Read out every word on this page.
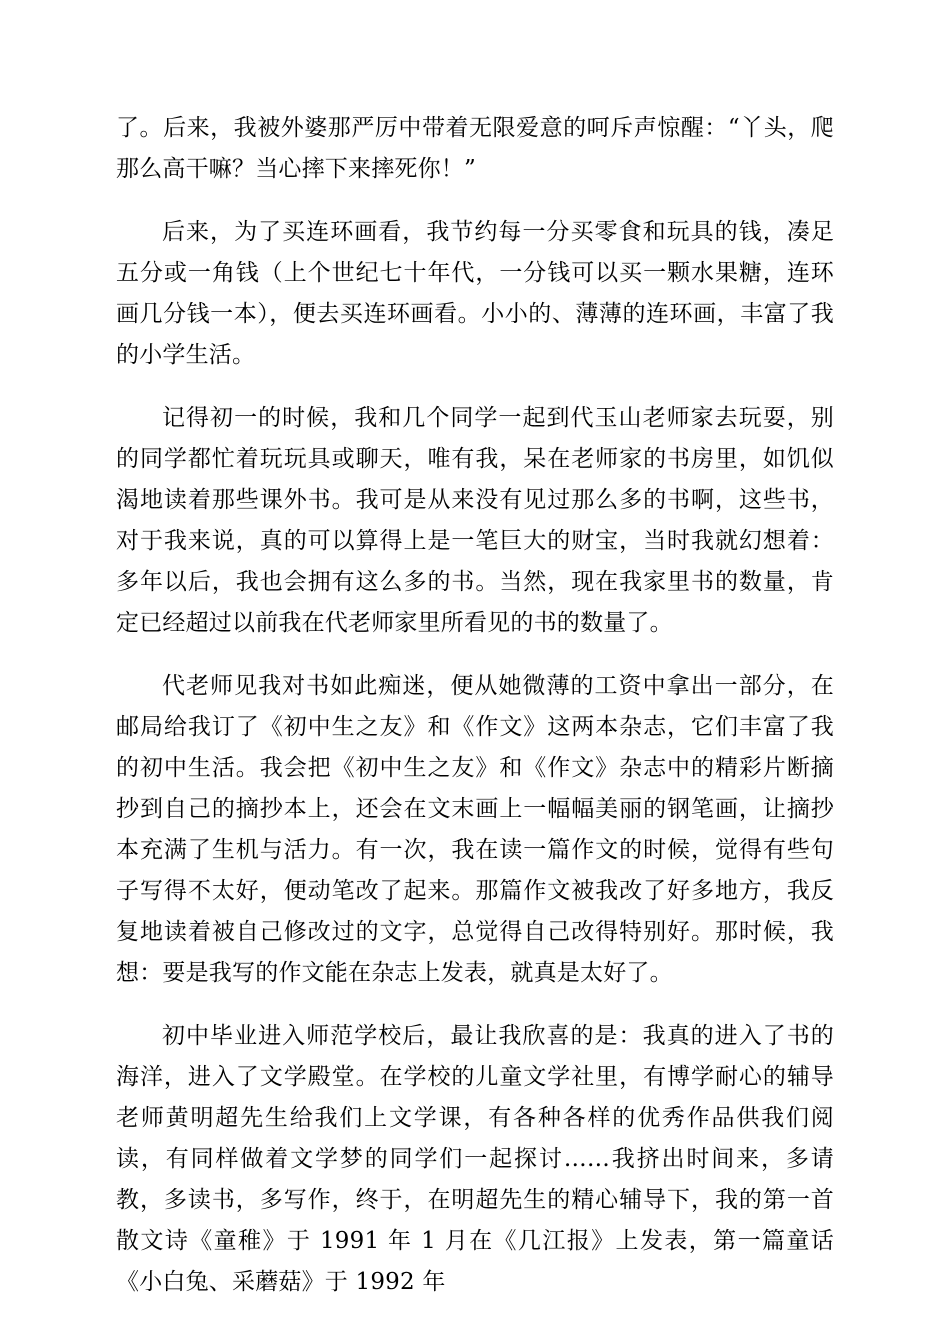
了。后来，我被外婆那严厉中带着无限爱意的呵斥声惊醒：“丫头，爬那么高干嘛？当心摔下来摔死你！”

后来，为了买连环画看，我节约每一分买零食和玩具的钱，凑足五分或一角钱（上个世纪七十年代，一分钱可以买一颗水果糖，连环画几分钱一本），便去买连环画看。小小的、薄薄的连环画，丰富了我的小学生活。

记得初一的时候，我和几个同学一起到代玉山老师家去玩耍，别的同学都忙着玩玩具或聊天，唯有我，呆在老师家的书房里，如饥似渴地读着那些课外书。我可是从来没有见过那么多的书啊，这些书，对于我来说，真的可以算得上是一笔巨大的财宝，当时我就幻想着：多年以后，我也会拥有这么多的书。当然，现在我家里书的数量，肯定已经超过以前我在代老师家里所看见的书的数量了。

代老师见我对书如此痴迷，便从她微薄的工资中拿出一部分，在邮局给我订了《初中生之友》和《作文》这两本杂志，它们丰富了我的初中生活。我会把《初中生之友》和《作文》杂志中的精彩片断摘抄到自己的摘抄本上，还会在文末画上一幅幅美丽的钢笔画，让摘抄本充满了生机与活力。有一次，我在读一篇作文的时候，觉得有些句子写得不太好，便动笔改了起来。那篇作文被我改了好多地方，我反复地读着被自己修改过的文字，总觉得自己改得特别好。那时候，我想：要是我写的作文能在杂志上发表，就真是太好了。

初中毕业进入师范学校后，最让我欣喜的是：我真的进入了书的海洋，进入了文学殿堂。在学校的儿童文学社里，有博学耐心的辅导老师黄明超先生给我们上文学课，有各种各样的优秀作品供我们阅读，有同样做着文学梦的同学们一起探讨……我挤出时间来，多请教，多读书，多写作，终于，在明超先生的精心辅导下，我的第一首散文诗《童稚》于 1991 年 1 月在《几江报》上发表，第一篇童话《小白兔、采蘑菇》于 1992 年
